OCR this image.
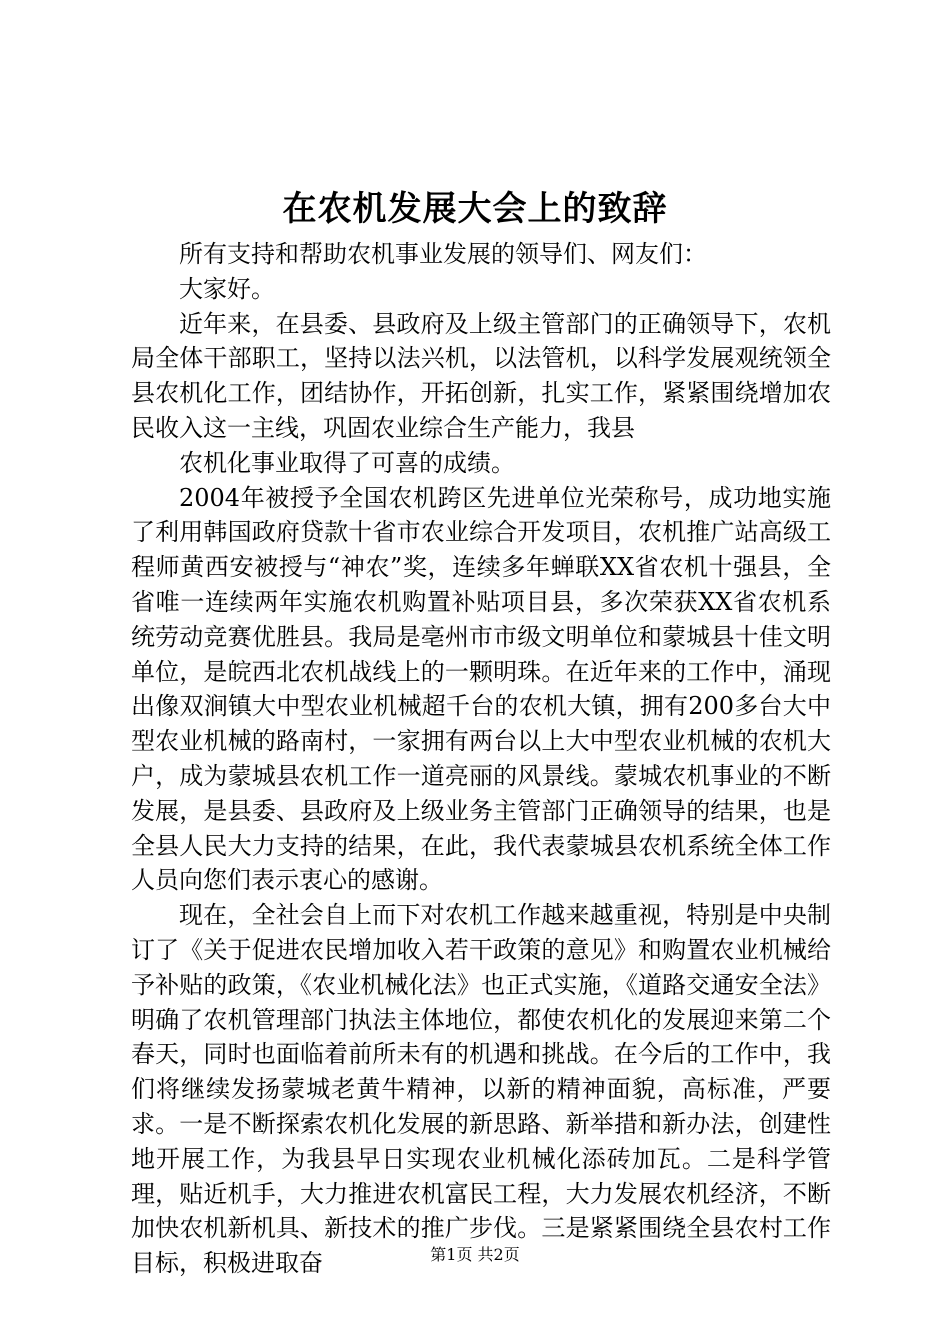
在农机发展大会上的致辞

所有支持和帮助农机事业发展的领导们、网友们：

大家好。

近年来，在县委、县政府及上级主管部门的正确领导下，农机局全体干部职工，坚持以法兴机，以法管机，以科学发展观统领全县农机化工作，团结协作，开拓创新，扎实工作，紧紧围绕增加农民收入这一主线，巩固农业综合生产能力，我县

农机化事业取得了可喜的成绩。

2004年被授予全国农机跨区先进单位光荣称号，成功地实施了利用韩国政府贷款十省市农业综合开发项目，农机推广站高级工程师黄西安被授与“神农”奖，连续多年蝉联XX省农机十强县，全省唯一连续两年实施农机购置补贴项目县，多次荣获XX省农机系统劳动竞赛优胜县。我局是亳州市市级文明单位和蒙城县十佳文明单位，是皖西北农机战线上的一颗明珠。在近年来的工作中，涌现出像双涧镇大中型农业机械超千台的农机大镇，拥有200多台大中型农业机械的路南村，一家拥有两台以上大中型农业机械的农机大户，成为蒙城县农机工作一道亮丽的风景线。蒙城农机事业的不断发展，是县委、县政府及上级业务主管部门正确领导的结果，也是全县人民大力支持的结果，在此，我代表蒙城县农机系统全体工作人员向您们表示衷心的感谢。

现在，全社会自上而下对农机工作越来越重视，特别是中央制订了《关于促进农民增加收入若干政策的意见》和购置农业机械给予补贴的政策，《农业机械化法》也正式实施，《道路交通安全法》明确了农机管理部门执法主体地位，都使农机化的发展迎来第二个春天，同时也面临着前所未有的机遇和挑战。在今后的工作中，我们将继续发扬蒙城老黄牛精神，以新的精神面貌，高标准，严要求。一是不断探索农机化发展的新思路、新举措和新办法，创建性地开展工作，为我县早日实现农业机械化添砖加瓦。二是科学管理，贴近机手，大力推进农机富民工程，大力发展农机经济，不断加快农机新机具、新技术的推广步伐。三是紧紧围绕全县农村工作目标，积极进取奋	第1页 共2页
